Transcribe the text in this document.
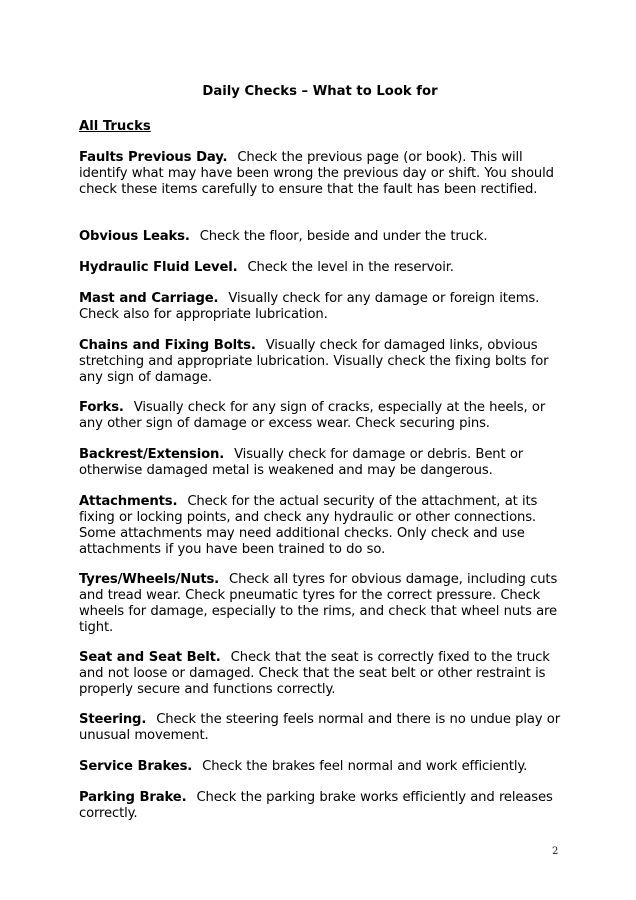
Daily Checks – What to Look for
All Trucks

Faults Previous Day. Check the previous page (or book). This will identify what may have been wrong the previous day or shift. You should check these items carefully to ensure that the fault has been rectified.

Obvious Leaks. Check the floor, beside and under the truck.

Hydraulic Fluid Level. Check the level in the reservoir.

Mast and Carriage. Visually check for any damage or foreign items. Check also for appropriate lubrication.

Chains and Fixing Bolts. Visually check for damaged links, obvious stretching and appropriate lubrication. Visually check the fixing bolts for any sign of damage.

Forks. Visually check for any sign of cracks, especially at the heels, or any other sign of damage or excess wear. Check securing pins.

Backrest/Extension. Visually check for damage or debris. Bent or otherwise damaged metal is weakened and may be dangerous.

Attachments. Check for the actual security of the attachment, at its fixing or locking points, and check any hydraulic or other connections. Some attachments may need additional checks. Only check and use attachments if you have been trained to do so.

Tyres/Wheels/Nuts. Check all tyres for obvious damage, including cuts and tread wear. Check pneumatic tyres for the correct pressure. Check wheels for damage, especially to the rims, and check that wheel nuts are tight.

Seat and Seat Belt. Check that the seat is correctly fixed to the truck and not loose or damaged. Check that the seat belt or other restraint is properly secure and functions correctly.

Steering. Check the steering feels normal and there is no undue play or unusual movement.

Service Brakes. Check the brakes feel normal and work efficiently.

Parking Brake. Check the parking brake works efficiently and releases correctly.

2
